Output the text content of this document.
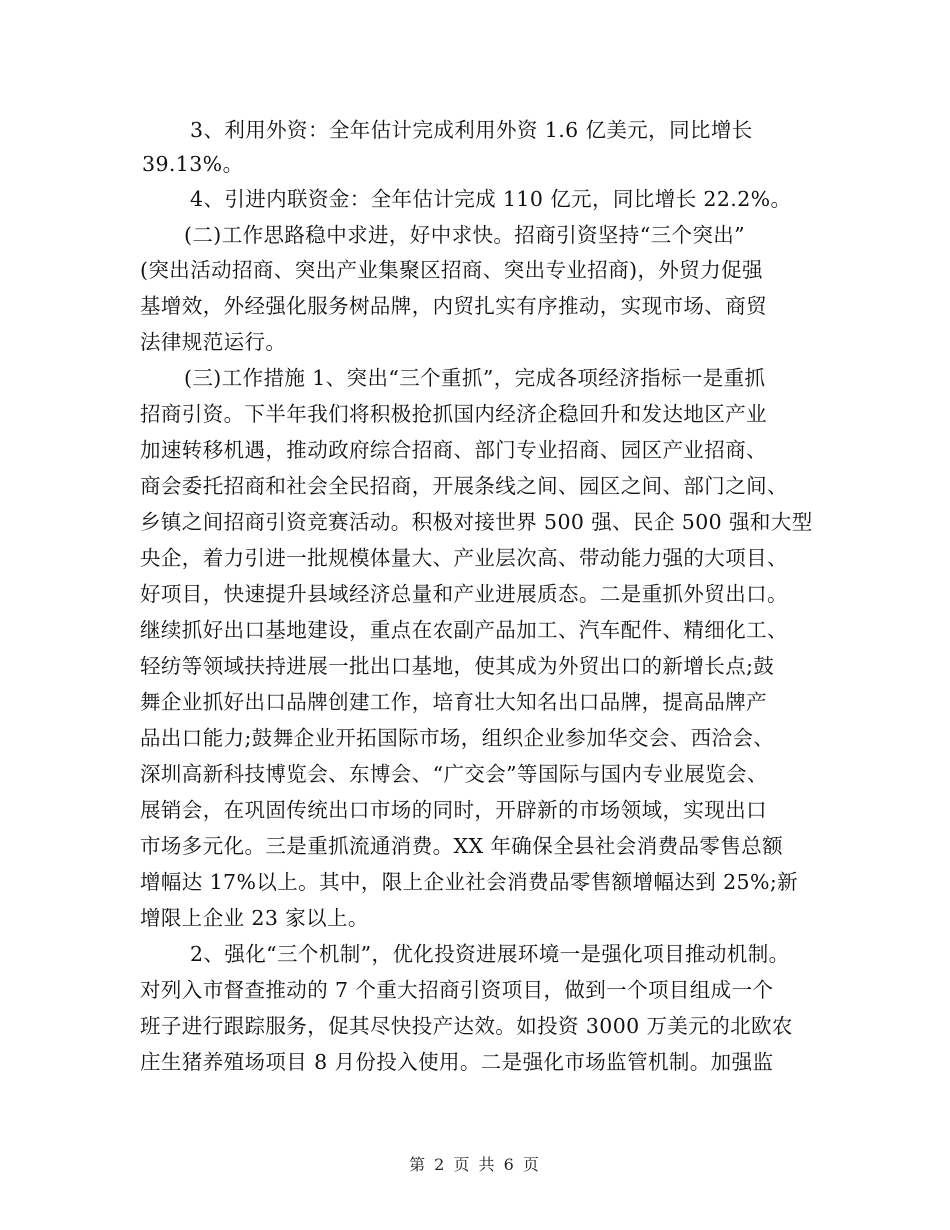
3、利用外资：全年估计完成利用外资 1.6 亿美元，同比增长
39.13%。
4、引进内联资金：全年估计完成 110 亿元，同比增长 22.2%。
(二)工作思路稳中求进，好中求快。招商引资坚持“三个突出”
(突出活动招商、突出产业集聚区招商、突出专业招商)，外贸力促强
基增效，外经强化服务树品牌，内贸扎实有序推动，实现市场、商贸
法律规范运行。
(三)工作措施 1、突出“三个重抓”，完成各项经济指标一是重抓
招商引资。下半年我们将积极抢抓国内经济企稳回升和发达地区产业
加速转移机遇，推动政府综合招商、部门专业招商、园区产业招商、
商会委托招商和社会全民招商，开展条线之间、园区之间、部门之间、
乡镇之间招商引资竞赛活动。积极对接世界 500 强、民企 500 强和大型
央企，着力引进一批规模体量大、产业层次高、带动能力强的大项目、
好项目，快速提升县域经济总量和产业进展质态。二是重抓外贸出口。
继续抓好出口基地建设，重点在农副产品加工、汽车配件、精细化工、
轻纺等领域扶持进展一批出口基地，使其成为外贸出口的新增长点;鼓
舞企业抓好出口品牌创建工作，培育壮大知名出口品牌，提高品牌产
品出口能力;鼓舞企业开拓国际市场，组织企业参加华交会、西洽会、
深圳高新科技博览会、东博会、“广交会”等国际与国内专业展览会、
展销会，在巩固传统出口市场的同时，开辟新的市场领域，实现出口
市场多元化。三是重抓流通消费。XX 年确保全县社会消费品零售总额
增幅达 17%以上。其中，限上企业社会消费品零售额增幅达到 25%;新
增限上企业 23 家以上。
2、强化“三个机制”，优化投资进展环境一是强化项目推动机制。
对列入市督查推动的 7 个重大招商引资项目，做到一个项目组成一个
班子进行跟踪服务，促其尽快投产达效。如投资 3000 万美元的北欧农
庄生猪养殖场项目 8 月份投入使用。二是强化市场监管机制。加强监
第 2 页 共 6 页
